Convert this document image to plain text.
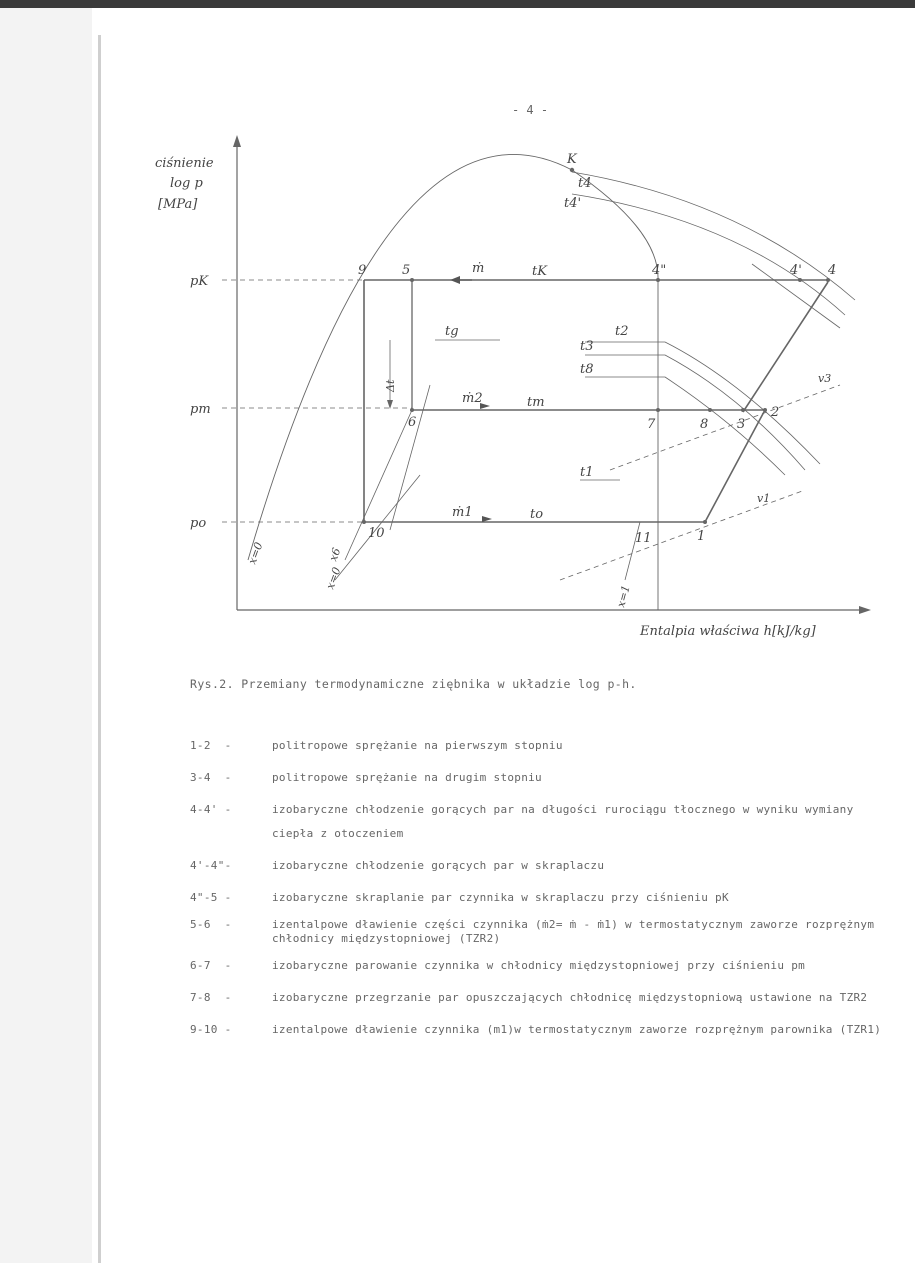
- 4 -
ciśnienie
log p
[MPa]
Entalpia właściwa h[kJ/kg]
pK
pm
po
K
9	5	4"	4' 4
6	7	8 3
2
10	11	1
t4
t4'
tK
tg	t2
t3
t8
tm
t1
to
ṁ
ṁ2
ṁ1
Δt
x=0
x=0
x6
x=1
v1
v3
Rys.2. Przemiany termodynamiczne ziębnika w układzie log p-h.
1-2  -	politropowe sprężanie na pierwszym stopniu
3-4  -	politropowe sprężanie na drugim stopniu
4-4' -	izobaryczne chłodzenie gorących par na długości rurociągu tłocznego w wyniku wymiany ciepła z otoczeniem
4'-4"-	izobaryczne chłodzenie gorących par w skraplaczu
4"-5 -	izobaryczne skraplanie par czynnika w skraplaczu przy ciśnieniu pK
5-6  -	izentalpowe dławienie części czynnika (ṁ2= ṁ - ṁ1) w termostatycznym zaworze rozprężnym chłodnicy międzystopniowej (TZR2)
6-7  -	izobaryczne parowanie czynnika w chłodnicy międzystopniowej przy ciśnieniu pm
7-8  -	izobaryczne przegrzanie par opuszczających chłodnicę międzystopniową ustawione na TZR2
9-10 -	izentalpowe dławienie czynnika (m1)w termostatycznym zaworze rozprężnym parownika (TZR1)
